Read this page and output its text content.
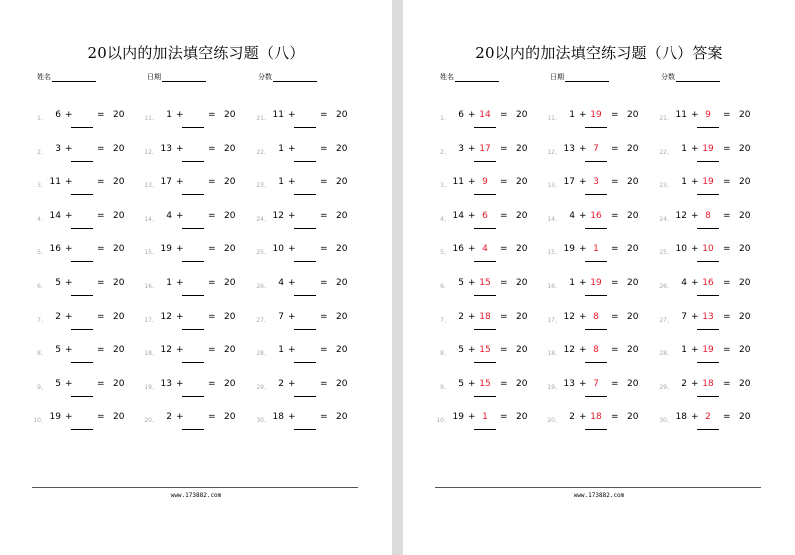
20以内的加法填空练习题（八）
姓名	日期	分数
1、 6 +	= 20
2、 3 +	= 20
3、 11 +	= 20
4、 14 +	= 20
5、 16 +	= 20
6、 5 +	= 20
7、 2 +	= 20
8、 5 +	= 20
9、 5 +	= 20
10、 19 +	= 20
11、 1 +	= 20
12、 13 +	= 20
13、 17 +	= 20
14、 4 +	= 20
15、 19 +	= 20
16、 1 +	= 20
17、 12 +	= 20
18、 12 +	= 20
19、 13 +	= 20
20、 2 +	= 20
21、 11 +	= 20
22、 1 +	= 20
23、 1 +	= 20
24、 12 +	= 20
25、 10 +	= 20
26、 4 +	= 20
27、 7 +	= 20
28、 1 +	= 20
29、 2 +	= 20
30、 18 +	= 20
www.173882.com
20以内的加法填空练习题（八）答案
姓名	日期	分数
1、 6 + 14	= 20
2、 3 + 17	= 20
3、 11 + 9	= 20
4、 14 + 6	= 20
5、 16 + 4	= 20
6、 5 + 15	= 20
7、 2 + 18	= 20
8、 5 + 15	= 20
9、 5 + 15	= 20
10、 19 + 1	= 20
11、 1 + 19	= 20
12、 13 + 7	= 20
13、 17 + 3	= 20
14、 4 + 16	= 20
15、 19 + 1	= 20
16、 1 + 19	= 20
17、 12 + 8	= 20
18、 12 + 8	= 20
19、 13 + 7	= 20
20、 2 + 18	= 20
21、 11 + 9	= 20
22、 1 + 19	= 20
23、 1 + 19	= 20
24、 12 + 8	= 20
25、 10 + 10	= 20
26、 4 + 16	= 20
27、 7 + 13	= 20
28、 1 + 19	= 20
29、 2 + 18	= 20
30、 18 + 2	= 20
www.173882.com
